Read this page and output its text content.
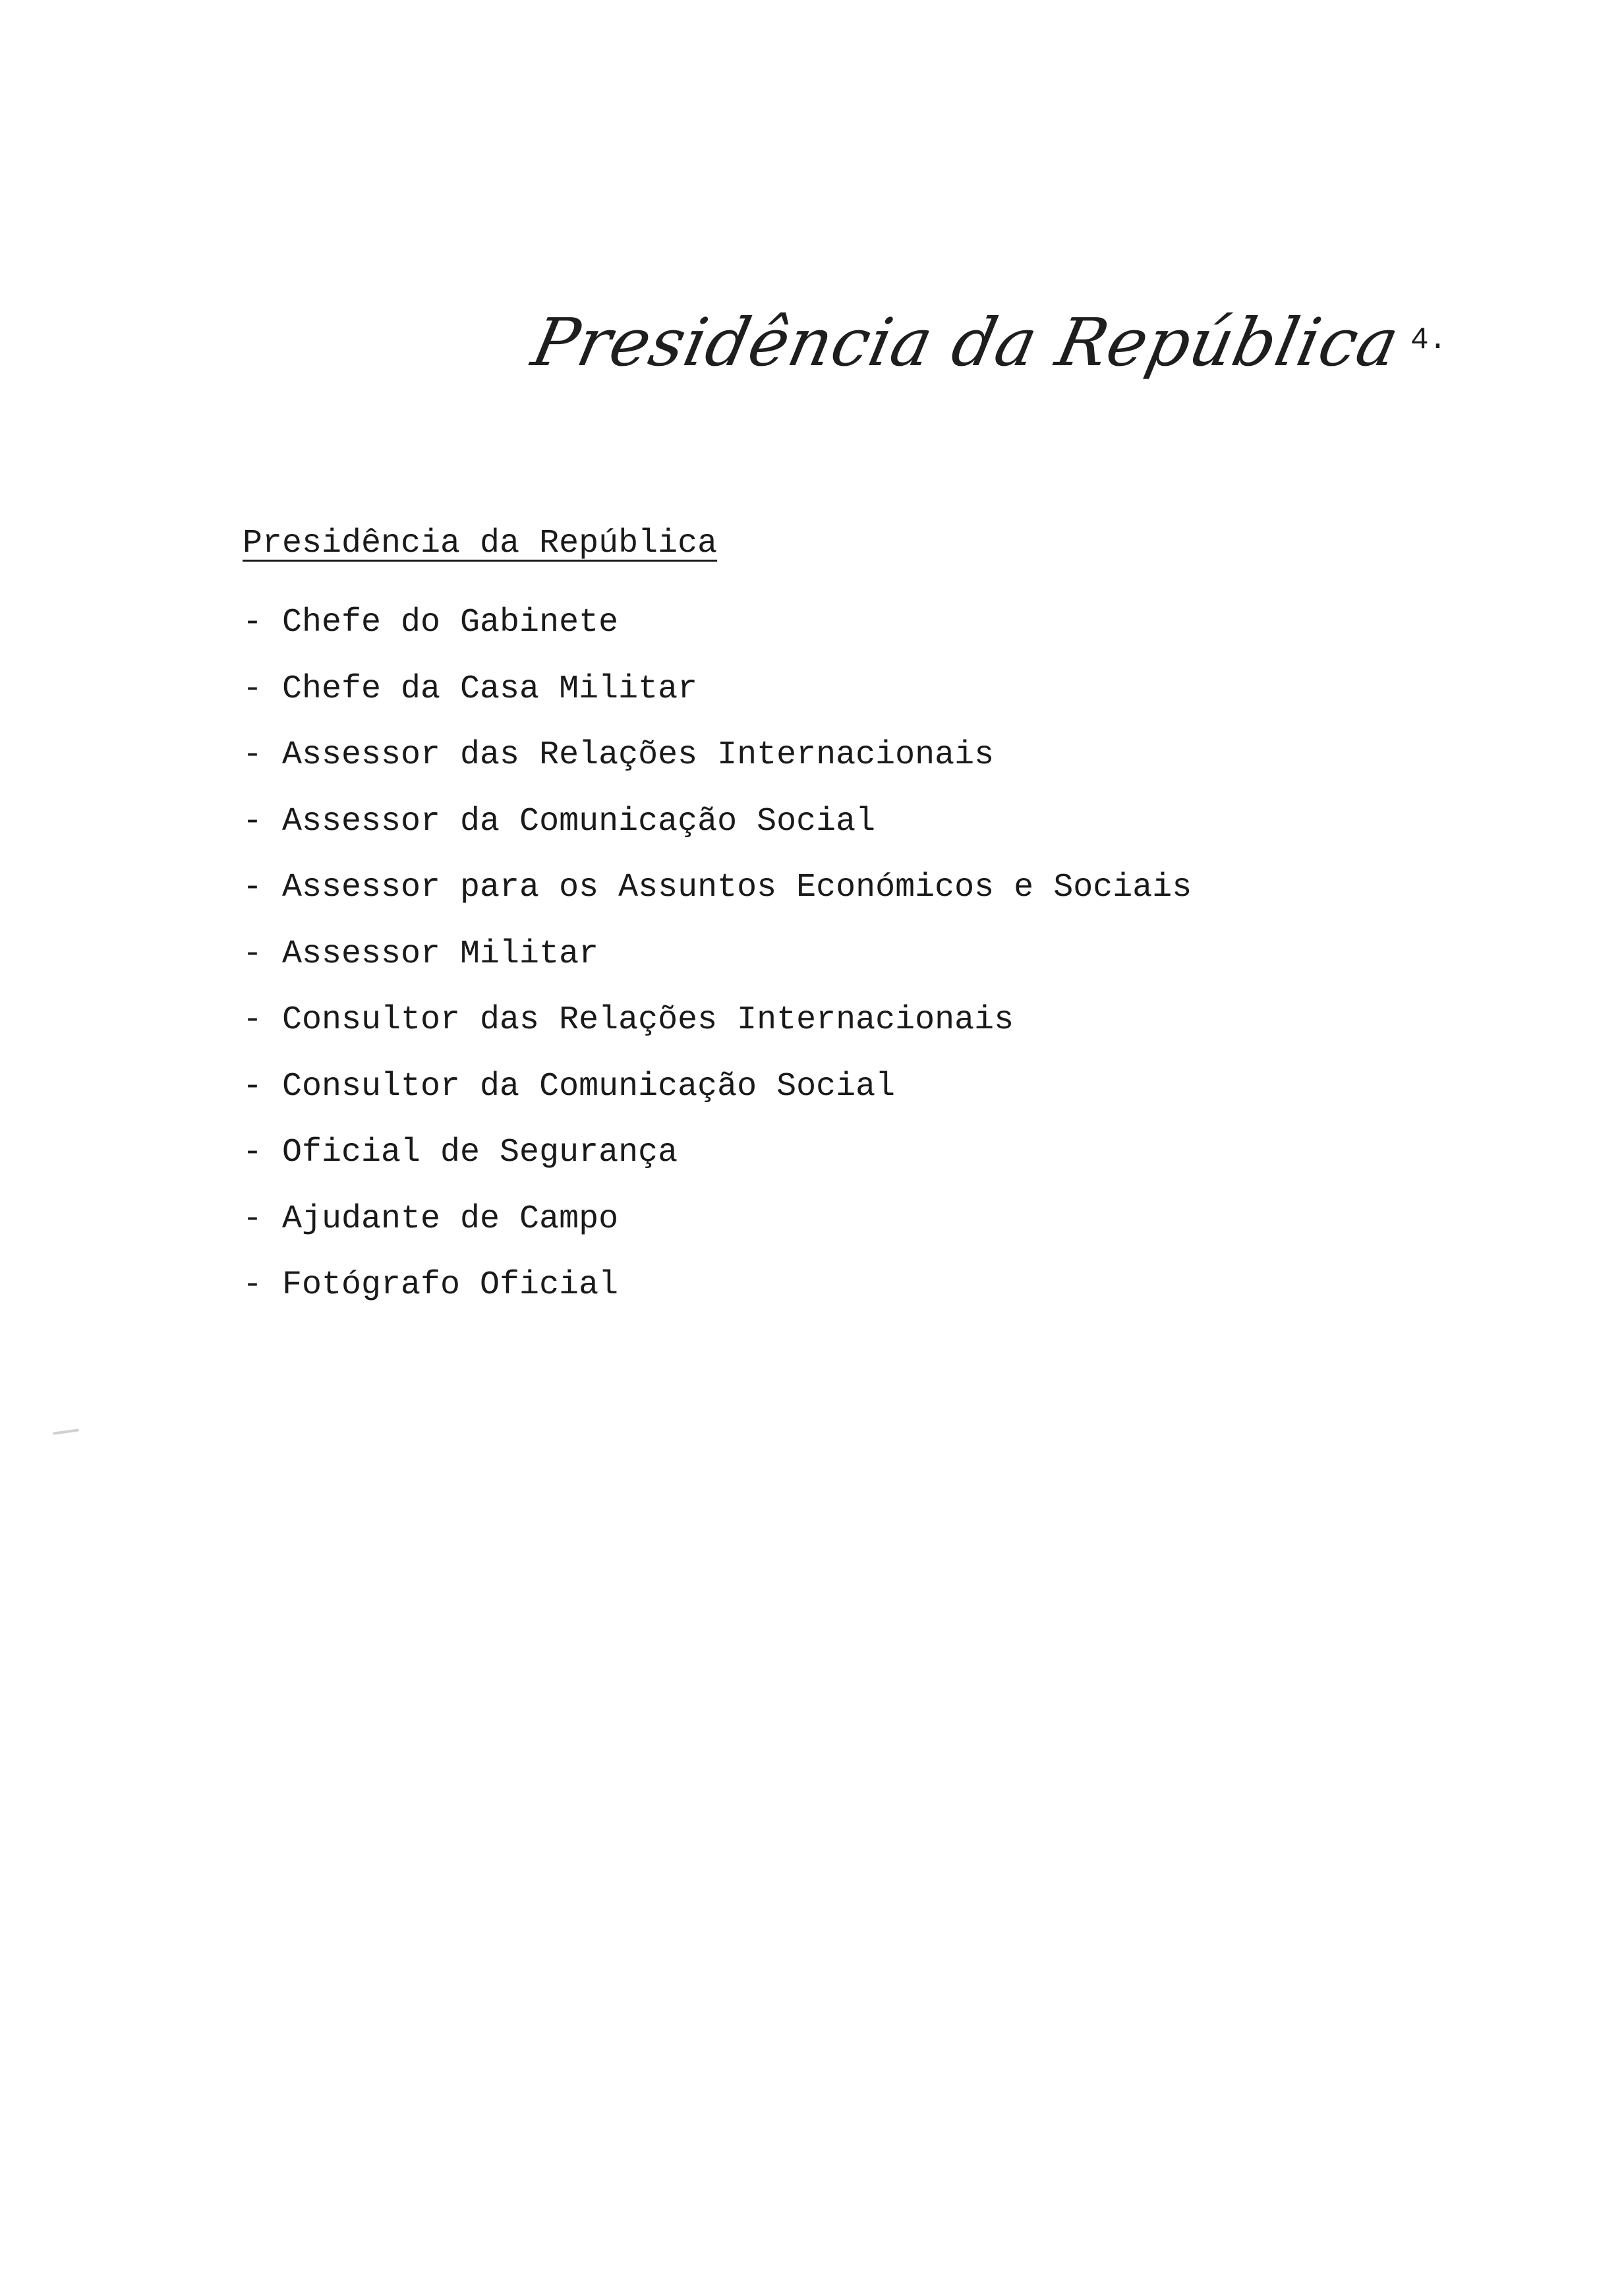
Presidência da República 4.
Presidência da República
- Chefe do Gabinete
- Chefe da Casa Militar
- Assessor das Relações Internacionais
- Assessor da Comunicação Social
- Assessor para os Assuntos Económicos e Sociais
- Assessor Militar
- Consultor das Relações Internacionais
- Consultor da Comunicação Social
- Oficial de Segurança
- Ajudante de Campo
- Fotógrafo Oficial
